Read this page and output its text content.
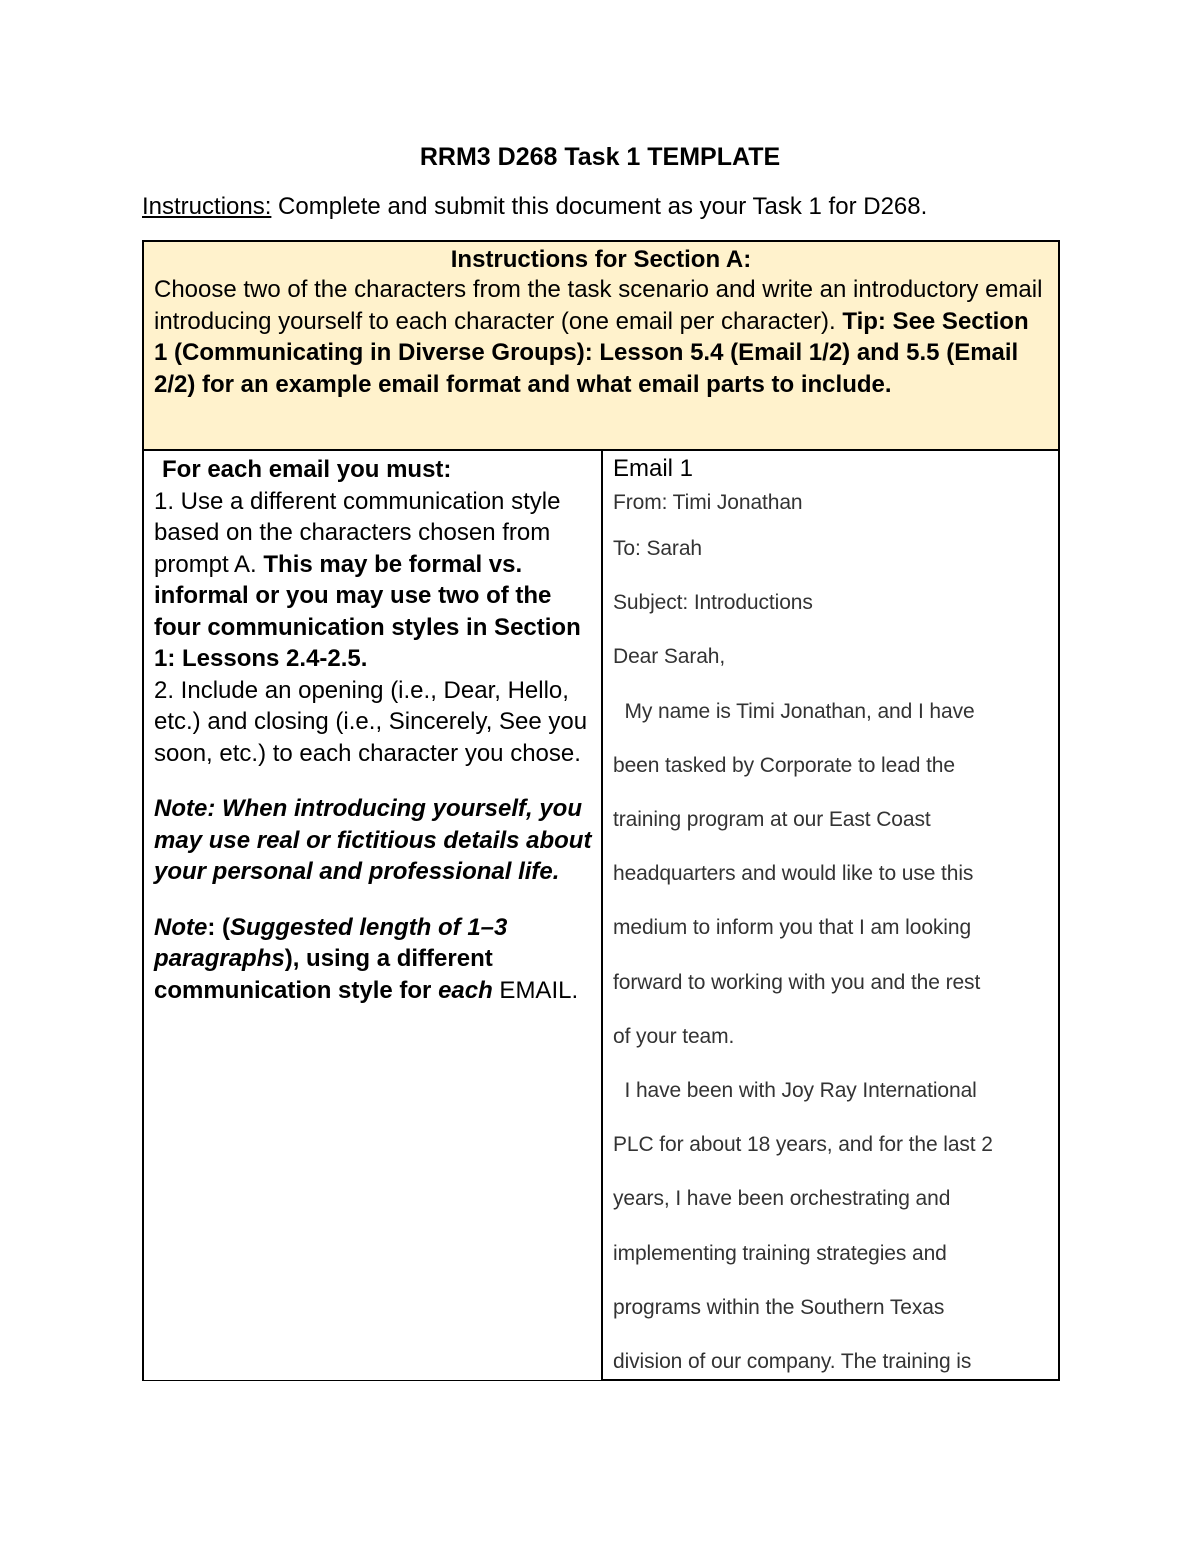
RRM3 D268 Task 1 TEMPLATE
Instructions: Complete and submit this document as your Task 1 for D268.
Instructions for Section A:
Choose two of the characters from the task scenario and write an introductory email introducing yourself to each character (one email per character). Tip: See Section 1 (Communicating in Diverse Groups): Lesson 5.4 (Email 1/2) and 5.5 (Email 2/2) for an example email format and what email parts to include.

For each email you must:

1. Use a different communication style based on the characters chosen from prompt A. This may be formal vs. informal or you may use two of the four communication styles in Section 1: Lessons 2.4-2.5.

2. Include an opening (i.e., Dear, Hello, etc.) and closing (i.e., Sincerely, See you soon, etc.) to each character you chose.

Note: When introducing yourself, you may use real or fictitious details about your personal and professional life.

Note: (Suggested length of 1–3 paragraphs), using a different communication style for each EMAIL.

Email 1
From: Timi Jonathan
To: Sarah
Subject: Introductions
Dear Sarah,
My name is Timi Jonathan, and I have
been tasked by Corporate to lead the
training program at our East Coast
headquarters and would like to use this
medium to inform you that I am looking
forward to working with you and the rest
of your team.
I have been with Joy Ray International
PLC for about 18 years, and for the last 2
years, I have been orchestrating and
implementing training strategies and
programs within the Southern Texas
division of our company. The training is
